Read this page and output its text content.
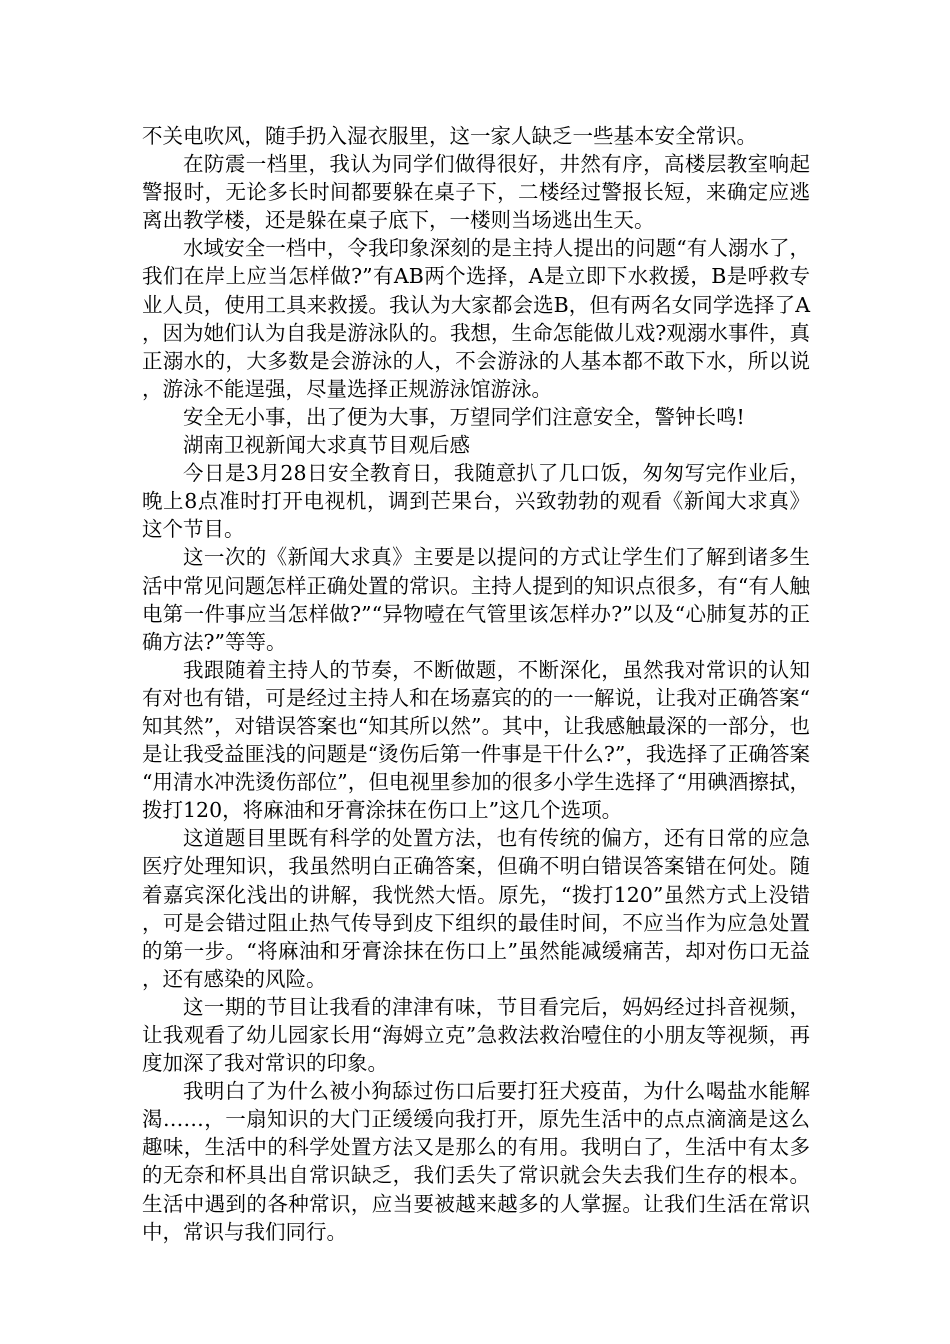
不关电吹风，随手扔入湿衣服里，这一家人缺乏一些基本安全常识。

在防震一档里，我认为同学们做得很好，井然有序，高楼层教室响起警报时，无论多长时间都要躲在桌子下，二楼经过警报长短，来确定应逃离出教学楼，还是躲在桌子底下，一楼则当场逃出生天。

水域安全一档中，令我印象深刻的是主持人提出的问题“有人溺水了，我们在岸上应当怎样做?”有AB两个选择，A是立即下水救援，B是呼救专业人员，使用工具来救援。我认为大家都会选B，但有两名女同学选择了A，因为她们认为自我是游泳队的。我想，生命怎能做儿戏?观溺水事件，真正溺水的，大多数是会游泳的人，不会游泳的人基本都不敢下水，所以说，游泳不能逞强，尽量选择正规游泳馆游泳。

安全无小事，出了便为大事，万望同学们注意安全，警钟长鸣!

湖南卫视新闻大求真节目观后感

今日是3月28日安全教育日，我随意扒了几口饭，匆匆写完作业后，晚上8点准时打开电视机，调到芒果台，兴致勃勃的观看《新闻大求真》这个节目。

这一次的《新闻大求真》主要是以提问的方式让学生们了解到诸多生活中常见问题怎样正确处置的常识。主持人提到的知识点很多，有“有人触电第一件事应当怎样做?”“异物噎在气管里该怎样办?”以及“心肺复苏的正确方法?”等等。

我跟随着主持人的节奏，不断做题，不断深化，虽然我对常识的认知有对也有错，可是经过主持人和在场嘉宾的的一一解说，让我对正确答案“知其然”，对错误答案也“知其所以然”。其中，让我感触最深的一部分，也是让我受益匪浅的问题是“烫伤后第一件事是干什么?”，我选择了正确答案“用清水冲洗烫伤部位”，但电视里参加的很多小学生选择了“用碘酒擦拭，拨打120，将麻油和牙膏涂抹在伤口上”这几个选项。

这道题目里既有科学的处置方法，也有传统的偏方，还有日常的应急医疗处理知识，我虽然明白正确答案，但确不明白错误答案错在何处。随着嘉宾深化浅出的讲解，我恍然大悟。原先，“拨打120”虽然方式上没错，可是会错过阻止热气传导到皮下组织的最佳时间，不应当作为应急处置的第一步。“将麻油和牙膏涂抹在伤口上”虽然能减缓痛苦，却对伤口无益，还有感染的风险。

这一期的节目让我看的津津有味，节目看完后，妈妈经过抖音视频，让我观看了幼儿园家长用“海姆立克”急救法救治噎住的小朋友等视频，再度加深了我对常识的印象。

我明白了为什么被小狗舔过伤口后要打狂犬疫苗，为什么喝盐水能解渴……，一扇知识的大门正缓缓向我打开，原先生活中的点点滴滴是这么趣味，生活中的科学处置方法又是那么的有用。我明白了，生活中有太多的无奈和杯具出自常识缺乏，我们丢失了常识就会失去我们生存的根本。生活中遇到的各种常识，应当要被越来越多的人掌握。让我们生活在常识中，常识与我们同行。
